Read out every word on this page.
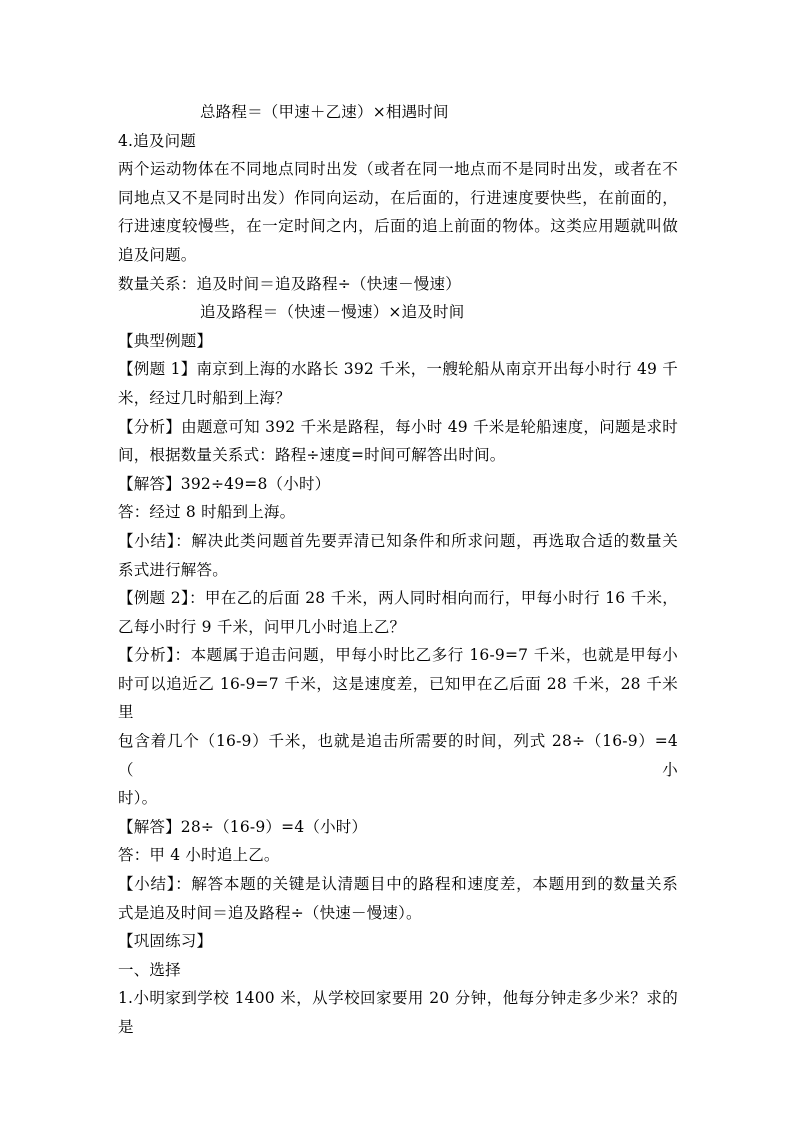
总路程＝（甲速＋乙速）×相遇时间
4.追及问题
两个运动物体在不同地点同时出发（或者在同一地点而不是同时出发，或者在不
同地点又不是同时出发）作同向运动，在后面的，行进速度要快些，在前面的，
行进速度较慢些，在一定时间之内，后面的追上前面的物体。这类应用题就叫做
追及问题。
数量关系：追及时间＝追及路程÷（快速－慢速）
追及路程＝（快速－慢速）×追及时间
【典型例题】
【例题 1】南京到上海的水路长 392 千米，一艘轮船从南京开出每小时行 49 千
米，经过几时船到上海？
【分析】由题意可知 392 千米是路程，每小时 49 千米是轮船速度，问题是求时
间，根据数量关系式：路程÷速度=时间可解答出时间。
【解答】392÷49=8（小时）
答：经过 8 时船到上海。
【小结】：解决此类问题首先要弄清已知条件和所求问题，再选取合适的数量关
系式进行解答。
【例题 2】：甲在乙的后面 28 千米，两人同时相向而行，甲每小时行 16 千米，
乙每小时行 9 千米，问甲几小时追上乙？
【分析】：本题属于追击问题，甲每小时比乙多行 16-9=7 千米，也就是甲每小
时可以追近乙 16-9=7 千米，这是速度差，已知甲在乙后面 28 千米，28 千米里
包含着几个（16-9）千米，也就是追击所需要的时间，列式 28÷（16-9）=4（小
时）。
【解答】28÷（16-9）=4（小时）
答：甲 4 小时追上乙。
【小结】：解答本题的关键是认清题目中的路程和速度差，本题用到的数量关系
式是追及时间＝追及路程÷（快速－慢速）。
【巩固练习】
一、选择
1.小明家到学校 1400 米，从学校回家要用 20 分钟，他每分钟走多少米？求的是
